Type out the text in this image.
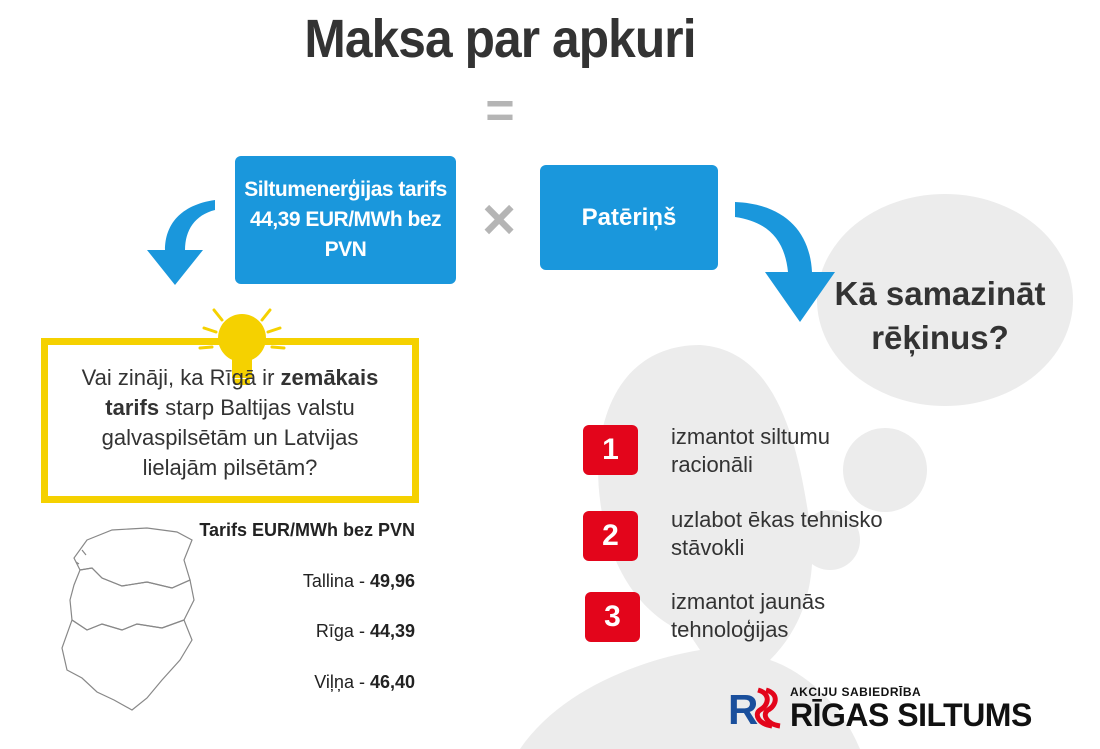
Maksa par apkuri
=
Siltumenerģijas tarifs
44,39 EUR/MWh bez
PVN ×	Patēriņš
Kā samazināt
rēķinus?
Vai zināji, ka Rīgā ir zemākais
tarifs starp Baltijas valstu
galvaspilsētām un Latvijas
lielajām pilsētām?
Tarifs EUR/MWh bez PVN
Tallina - 49,96
Rīga - 44,39
Viļņa - 46,40
1	izmantot siltumu
racionāli
2	uzlabot ēkas tehnisko
stāvokli
3	izmantot jaunās
tehnoloģijas
R	AKCIJU SABIEDRĪBA
RĪGAS SILTUMS
